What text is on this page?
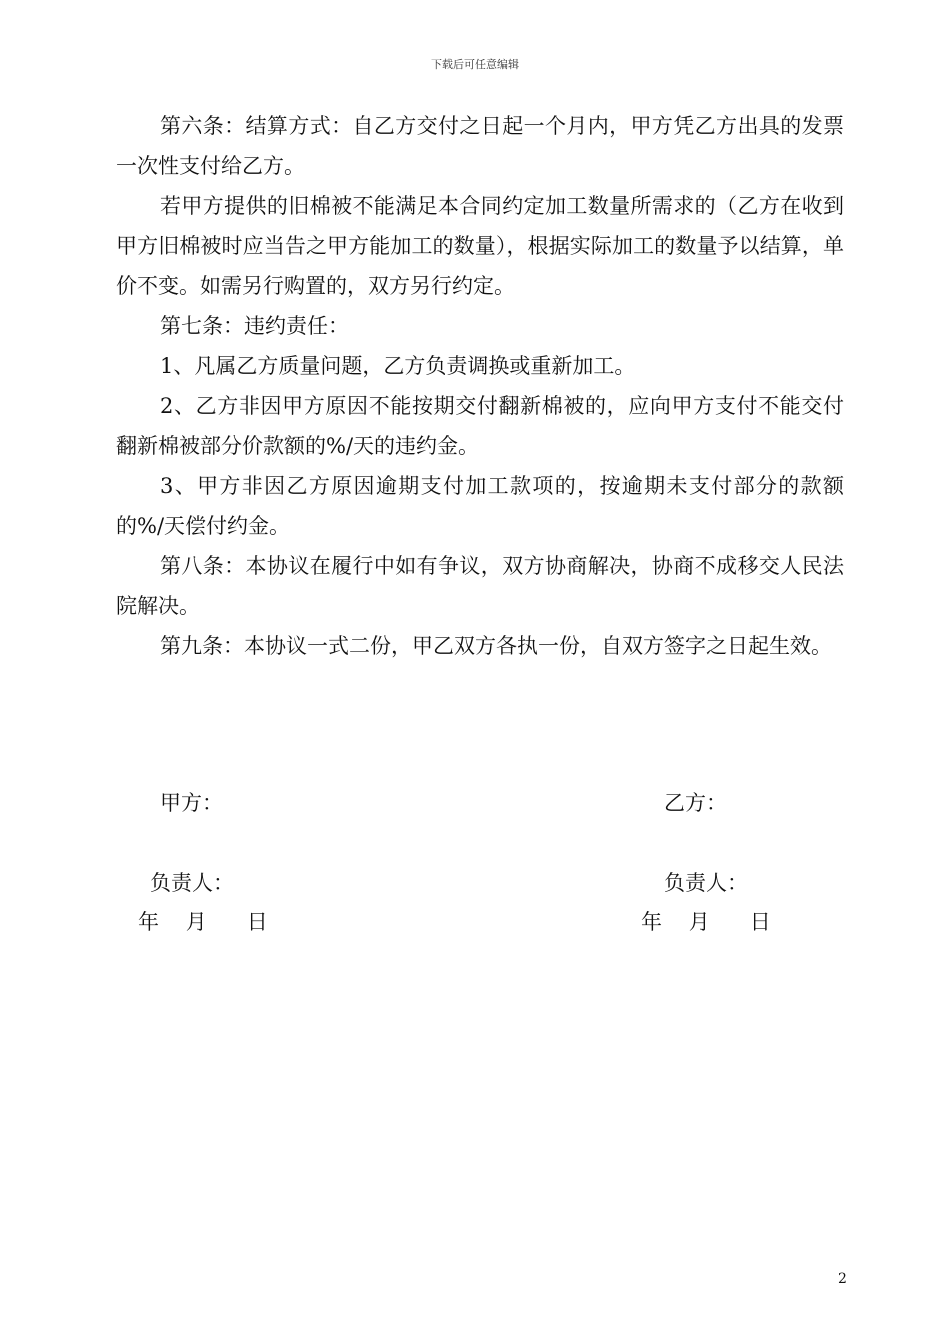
下载后可任意编辑

第六条：结算方式：自乙方交付之日起一个月内，甲方凭乙方出具的发票一次性支付给乙方。

若甲方提供的旧棉被不能满足本合同约定加工数量所需求的（乙方在收到甲方旧棉被时应当告之甲方能加工的数量），根据实际加工的数量予以结算，单价不变。如需另行购置的，双方另行约定。

第七条：违约责任：

1、凡属乙方质量问题，乙方负责调换或重新加工。

2、乙方非因甲方原因不能按期交付翻新棉被的，应向甲方支付不能交付翻新棉被部分价款额的%/天的违约金。

3、甲方非因乙方原因逾期支付加工款项的，按逾期未支付部分的款额的%/天偿付约金。

第八条：本协议在履行中如有争议，双方协商解决，协商不成移交人民法院解决。

第九条：本协议一式二份，甲乙双方各执一份，自双方签字之日起生效。

甲方：	乙方：
负责人：	负责人：
年    月      日	年    月      日
2
